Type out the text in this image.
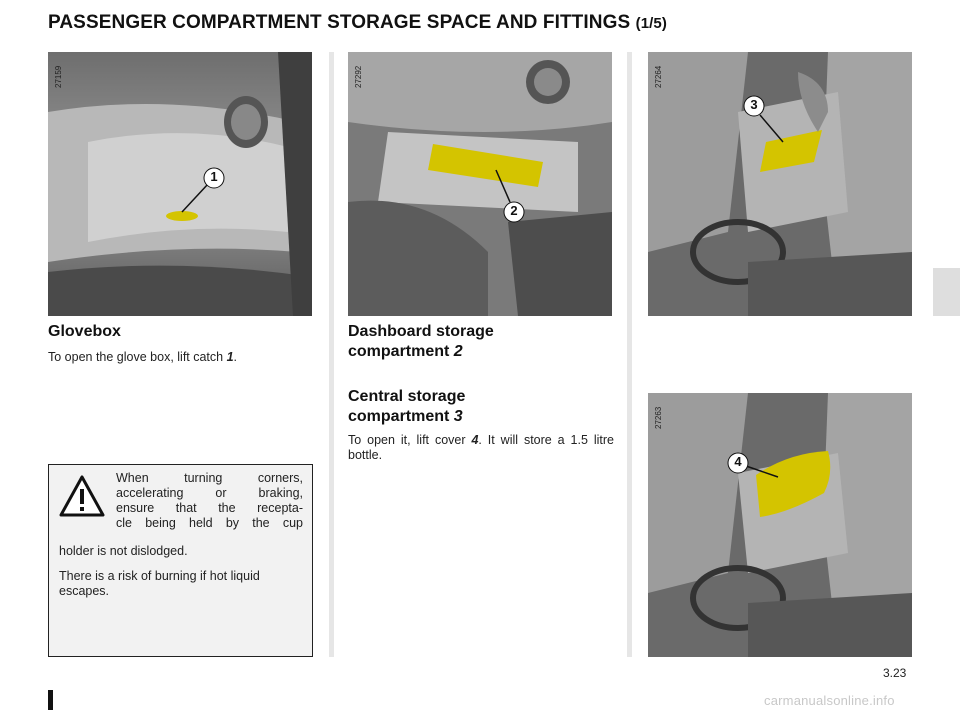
PASSENGER COMPARTMENT STORAGE SPACE AND FITTINGS (1/5)
27159
1
27292
2
27264
3
27263
4
Glovebox
To open the glove box, lift catch 1.
Dashboard storage
compartment 2
Central storage
compartment 3
To open it, lift cover 4. It will store a 1.5 litre bottle.
When turning corners,
accelerating or braking,
ensure that the recepta-
cle being held by the cup
holder is not dislodged.
There is a risk of burning if hot liquid escapes.
3.23
carmanualsonline.info
